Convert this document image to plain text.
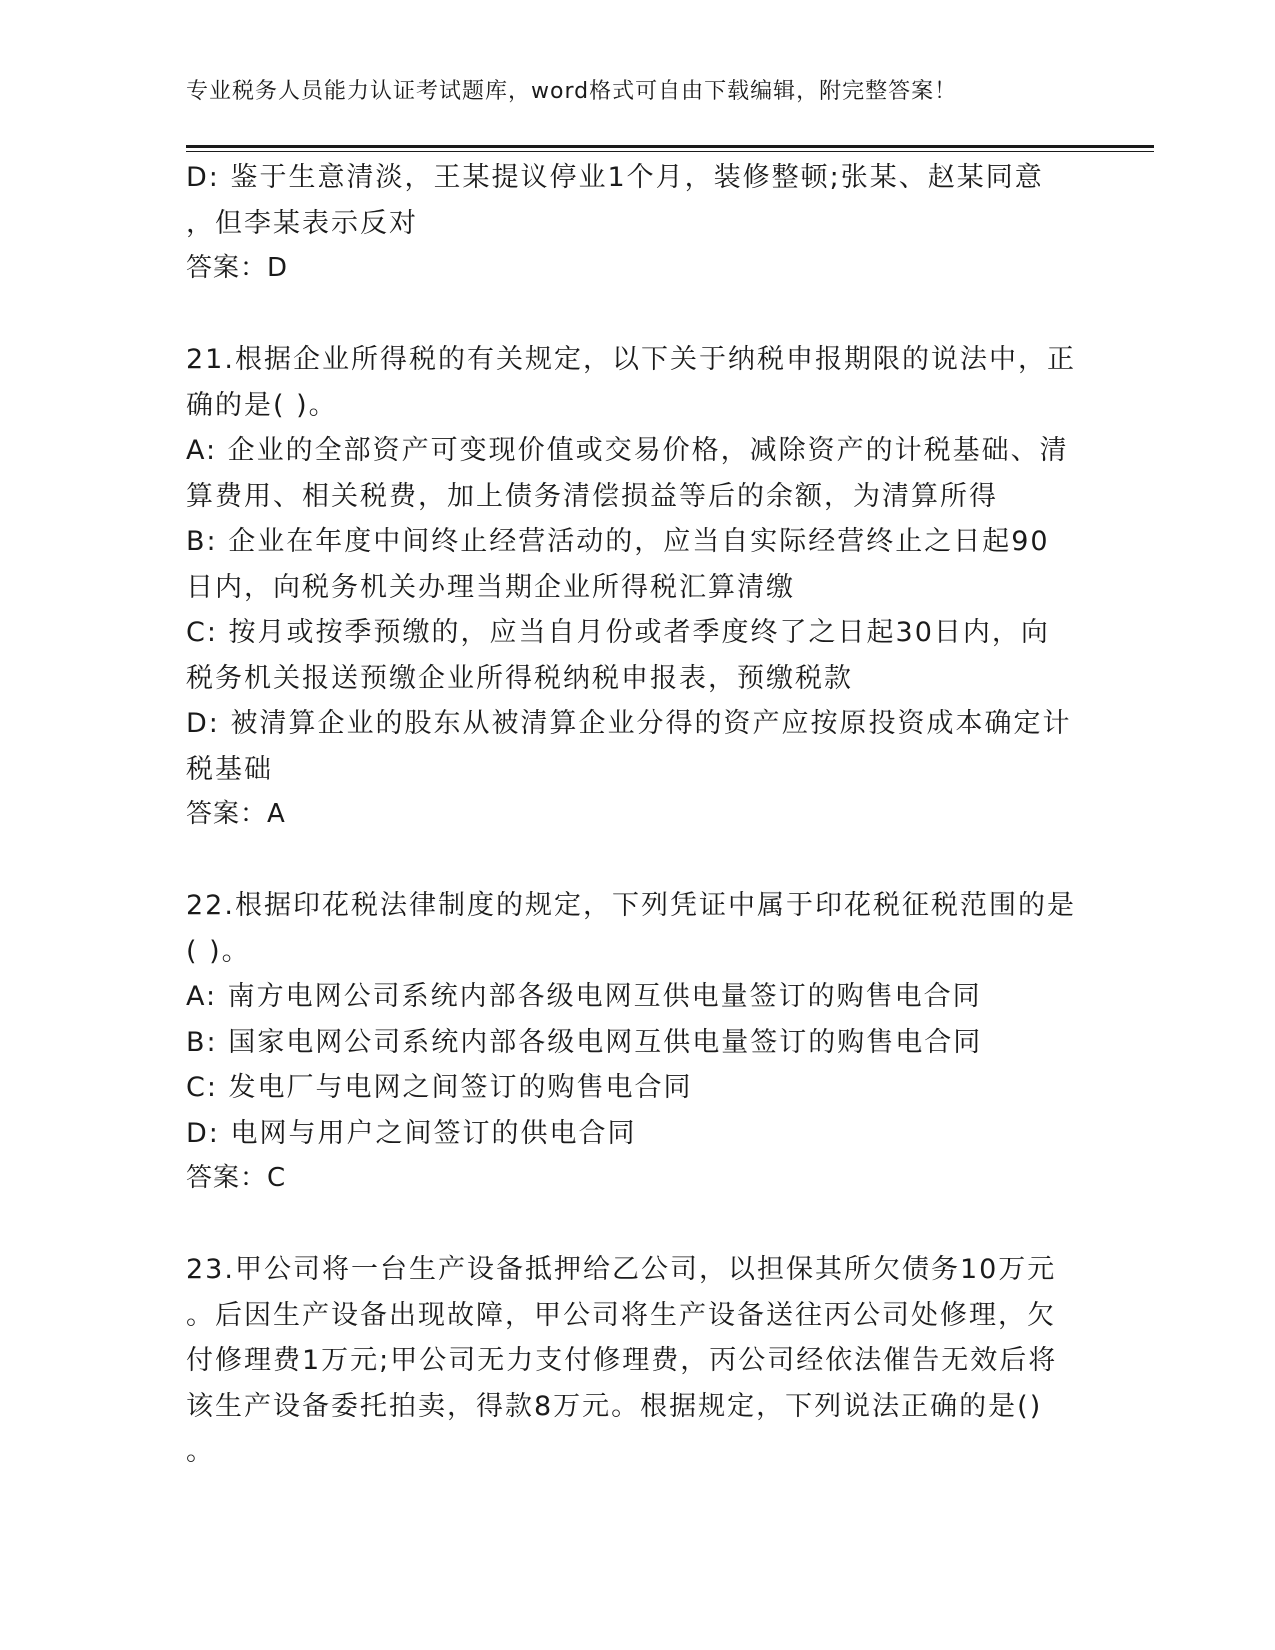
专业税务人员能力认证考试题库，word格式可自由下载编辑，附完整答案！
D: 鉴于生意清淡，王某提议停业1个月，装修整顿;张某、赵某同意
，但李某表示反对
答案：D
21.根据企业所得税的有关规定，以下关于纳税申报期限的说法中，正
确的是( )。
A: 企业的全部资产可变现价值或交易价格，减除资产的计税基础、清
算费用、相关税费，加上债务清偿损益等后的余额，为清算所得
B: 企业在年度中间终止经营活动的，应当自实际经营终止之日起90
日内，向税务机关办理当期企业所得税汇算清缴
C: 按月或按季预缴的，应当自月份或者季度终了之日起30日内，向
税务机关报送预缴企业所得税纳税申报表，预缴税款
D: 被清算企业的股东从被清算企业分得的资产应按原投资成本确定计
税基础
答案：A
22.根据印花税法律制度的规定，下列凭证中属于印花税征税范围的是
( )。
A: 南方电网公司系统内部各级电网互供电量签订的购售电合同
B: 国家电网公司系统内部各级电网互供电量签订的购售电合同
C: 发电厂与电网之间签订的购售电合同
D: 电网与用户之间签订的供电合同
答案：C
23.甲公司将一台生产设备抵押给乙公司，以担保其所欠债务10万元
。后因生产设备出现故障，甲公司将生产设备送往丙公司处修理，欠
付修理费1万元;甲公司无力支付修理费，丙公司经依法催告无效后将
该生产设备委托拍卖，得款8万元。根据规定，下列说法正确的是()
。
